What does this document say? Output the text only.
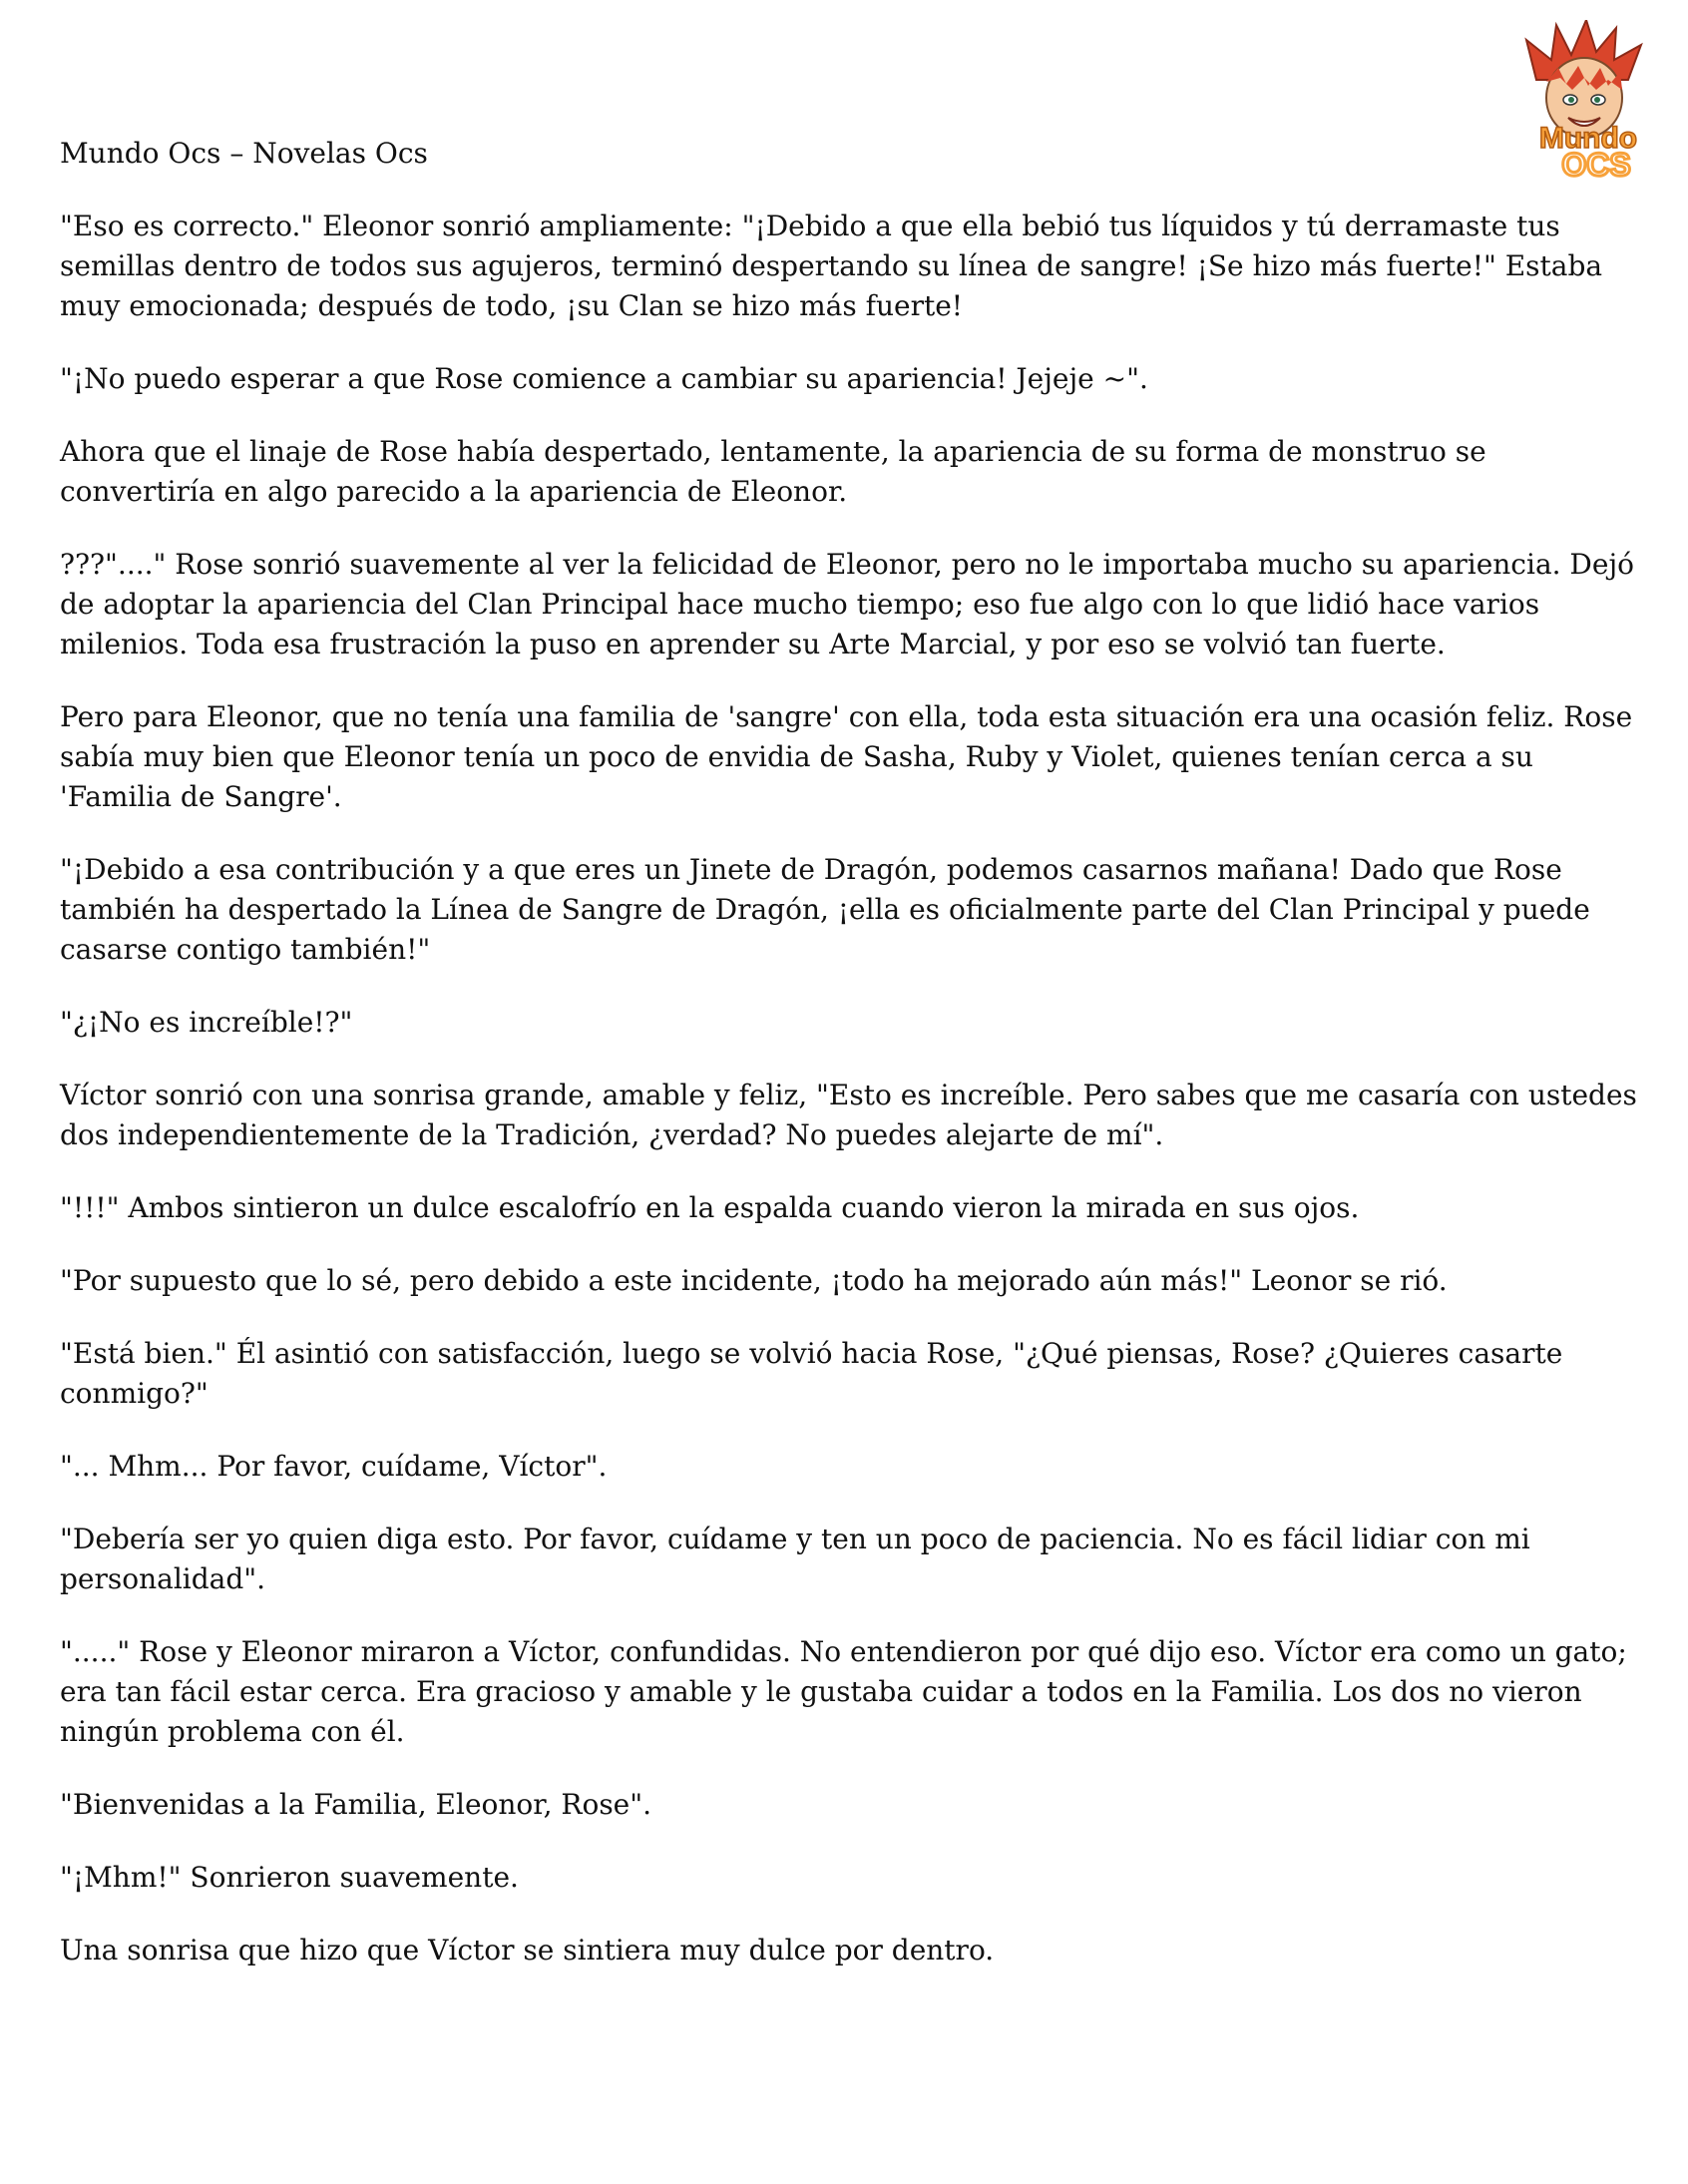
Mundo Ocs – Novelas Ocs	Mundo
OCS

"Eso es correcto." Eleonor sonrió ampliamente: "¡Debido a que ella bebió tus líquidos y tú derramaste tus semillas dentro de todos sus agujeros, terminó despertando su línea de sangre! ¡Se hizo más fuerte!" Estaba muy emocionada; después de todo, ¡su Clan se hizo más fuerte!

"¡No puedo esperar a que Rose comience a cambiar su apariencia! Jejeje ~".

Ahora que el linaje de Rose había despertado, lentamente, la apariencia de su forma de monstruo se convertiría en algo parecido a la apariencia de Eleonor.

???"...." Rose sonrió suavemente al ver la felicidad de Eleonor, pero no le importaba mucho su apariencia. Dejó de adoptar la apariencia del Clan Principal hace mucho tiempo; eso fue algo con lo que lidió hace varios milenios. Toda esa frustración la puso en aprender su Arte Marcial, y por eso se volvió tan fuerte.

Pero para Eleonor, que no tenía una familia de 'sangre' con ella, toda esta situación era una ocasión feliz. Rose sabía muy bien que Eleonor tenía un poco de envidia de Sasha, Ruby y Violet, quienes tenían cerca a su 'Familia de Sangre'.

"¡Debido a esa contribución y a que eres un Jinete de Dragón, podemos casarnos mañana! Dado que Rose también ha despertado la Línea de Sangre de Dragón, ¡ella es oficialmente parte del Clan Principal y puede casarse contigo también!"

"¿¡No es increíble!?"

Víctor sonrió con una sonrisa grande, amable y feliz, "Esto es increíble. Pero sabes que me casaría con ustedes dos independientemente de la Tradición, ¿verdad? No puedes alejarte de mí".

"!!!" Ambos sintieron un dulce escalofrío en la espalda cuando vieron la mirada en sus ojos.

"Por supuesto que lo sé, pero debido a este incidente, ¡todo ha mejorado aún más!" Leonor se rió.

"Está bien." Él asintió con satisfacción, luego se volvió hacia Rose, "¿Qué piensas, Rose? ¿Quieres casarte conmigo?"

"... Mhm... Por favor, cuídame, Víctor".

"Debería ser yo quien diga esto. Por favor, cuídame y ten un poco de paciencia. No es fácil lidiar con mi personalidad".

"....." Rose y Eleonor miraron a Víctor, confundidas. No entendieron por qué dijo eso. Víctor era como un gato; era tan fácil estar cerca. Era gracioso y amable y le gustaba cuidar a todos en la Familia. Los dos no vieron ningún problema con él.

"Bienvenidas a la Familia, Eleonor, Rose".

"¡Mhm!" Sonrieron suavemente.

Una sonrisa que hizo que Víctor se sintiera muy dulce por dentro.
